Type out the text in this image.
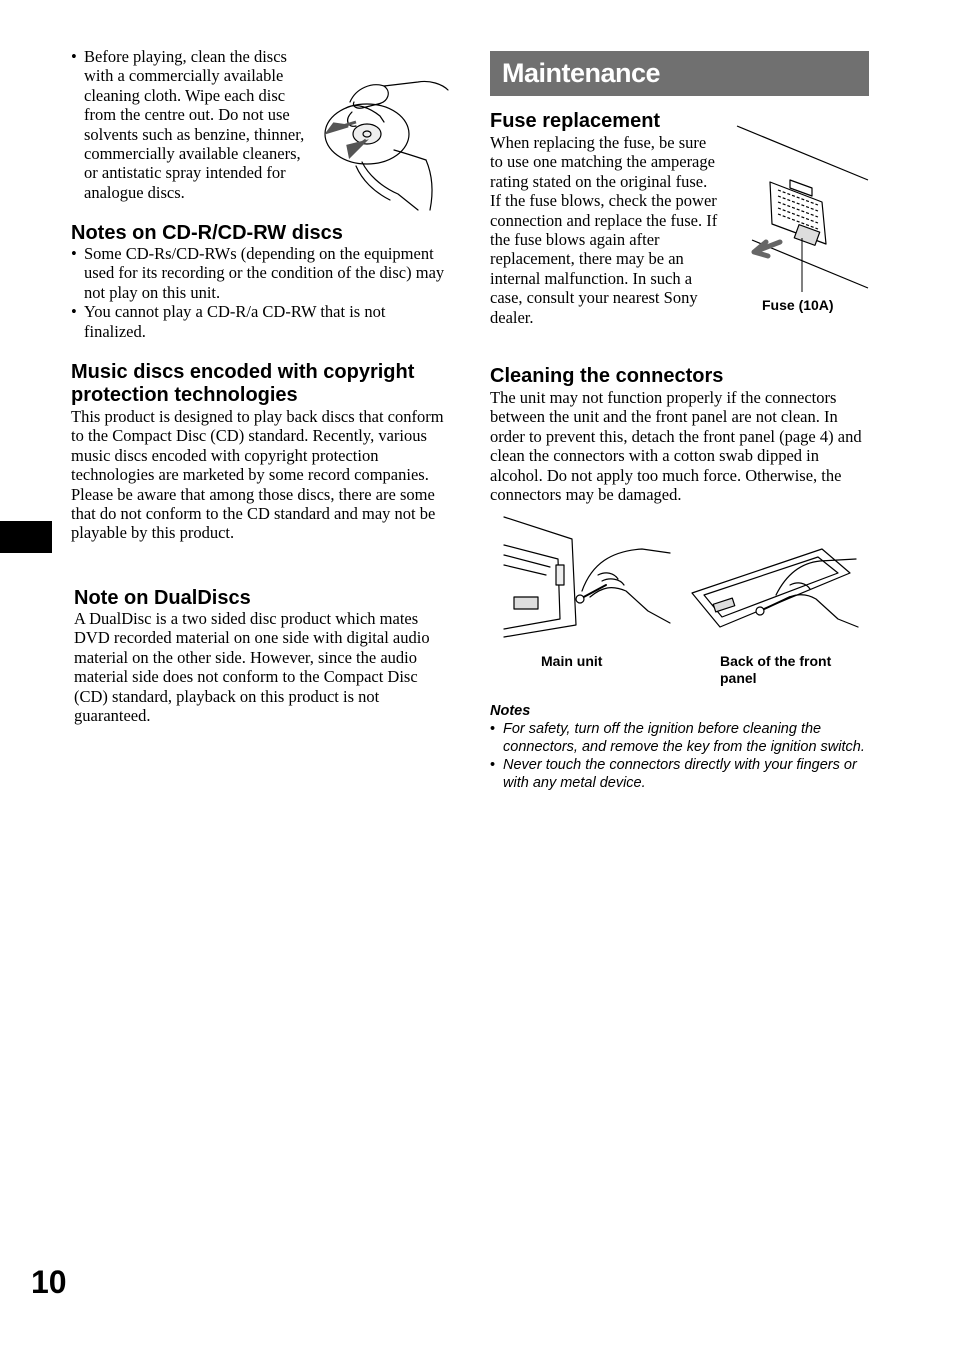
• Before playing, clean the discs with a commercially available cleaning cloth. Wipe each disc from the centre out. Do not use solvents such as benzine, thinner, commercially available cleaners, or antistatic spray intended for analogue discs.
Notes on CD-R/CD-RW discs
• Some CD-Rs/CD-RWs (depending on the equipment used for its recording or the condition of the disc) may not play on this unit.
• You cannot play a CD-R/a CD-RW that is not finalized.
Music discs encoded with copyright
protection technologies

This product is designed to play back discs that conform to the Compact Disc (CD) standard. Recently, various music discs encoded with copyright protection technologies are marketed by some record companies. Please be aware that among those discs, there are some that do not conform to the CD standard and may not be playable by this product.

Note on DualDiscs

A DualDisc is a two sided disc product which mates DVD recorded material on one side with digital audio material on the other side. However, since the audio material side does not conform to the Compact Disc (CD) standard, playback on this product is not guaranteed.

Maintenance
Fuse replacement

When replacing the fuse, be sure to use one matching the amperage rating stated on the original fuse. If the fuse blows, check the power connection and replace the fuse. If the fuse blows again after replacement, there may be an internal malfunction. In such a case, consult your nearest Sony dealer.

Fuse (10A)
Cleaning the connectors

The unit may not function properly if the connectors between the unit and the front panel are not clean. In order to prevent this, detach the front panel (page 4) and clean the connectors with a cotton swab dipped in alcohol. Do not apply too much force. Otherwise, the connectors may be damaged.

Main unit	Back of the front
panel
Notes
• For safety, turn off the ignition before cleaning the connectors, and remove the key from the ignition switch.
• Never touch the connectors directly with your fingers or with any metal device.
10
